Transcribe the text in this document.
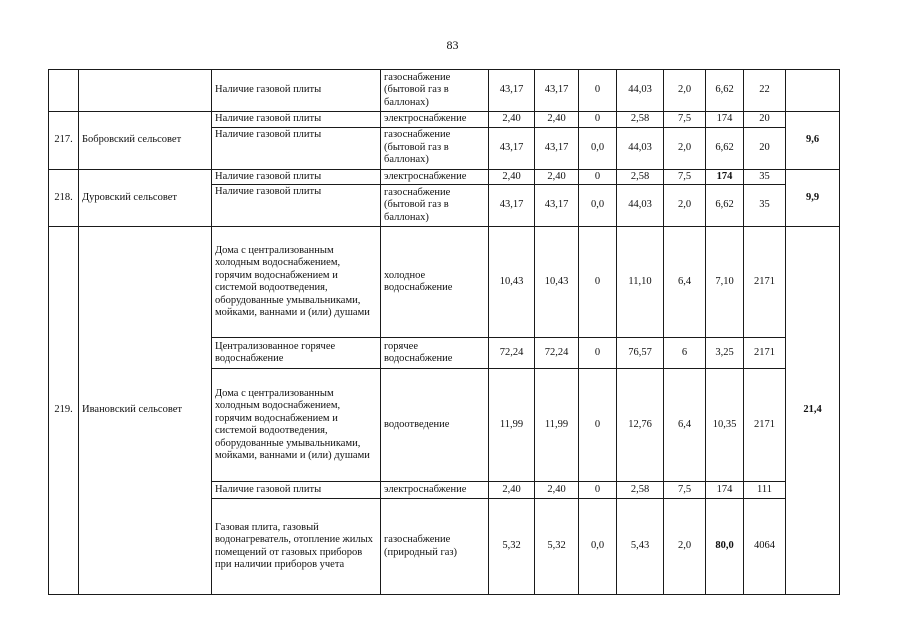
83
		Наличие газовой плиты	газоснабжение (бытовой газ в баллонах)	43,17	43,17	0	44,03	2,0	6,62	22	
217.	Бобровский сельсовет	Наличие газовой плиты	электроснабжение	2,40	2,40	0	2,58	7,5	174	20	9,6
		Наличие газовой плиты	газоснабжение (бытовой газ в баллонах)	43,17	43,17	0,0	44,03	2,0	6,62	20	
218.	Дуровский сельсовет	Наличие газовой плиты	электроснабжение	2,40	2,40	0	2,58	7,5	174	35	9,9
		Наличие газовой плиты	газоснабжение (бытовой газ в баллонах)	43,17	43,17	0,0	44,03	2,0	6,62	35	
219.	Ивановский сельсовет	Дома с централизованным холодным водоснабжением, горячим водоснабжением и системой водоотведения, оборудованные умывальниками, мойками, ваннами и (или) душами	холодное водоснабжение	10,43	10,43	0	11,10	6,4	7,10	2171	21,4
		Централизованное горячее водоснабжение	горячее водоснабжение	72,24	72,24	0	76,57	6	3,25	2171	
		Дома с централизованным холодным водоснабжением, горячим водоснабжением и системой водоотведения, оборудованные умывальниками, мойками, ваннами и (или) душами	водоотведение	11,99	11,99	0	12,76	6,4	10,35	2171	
		Наличие газовой плиты	электроснабжение	2,40	2,40	0	2,58	7,5	174	111	
		Газовая плита, газовый водонагреватель, отопление жилых помещений от газовых приборов при наличии приборов учета	газоснабжение (природный газ)	5,32	5,32	0,0	5,43	2,0	80,0	4064	
